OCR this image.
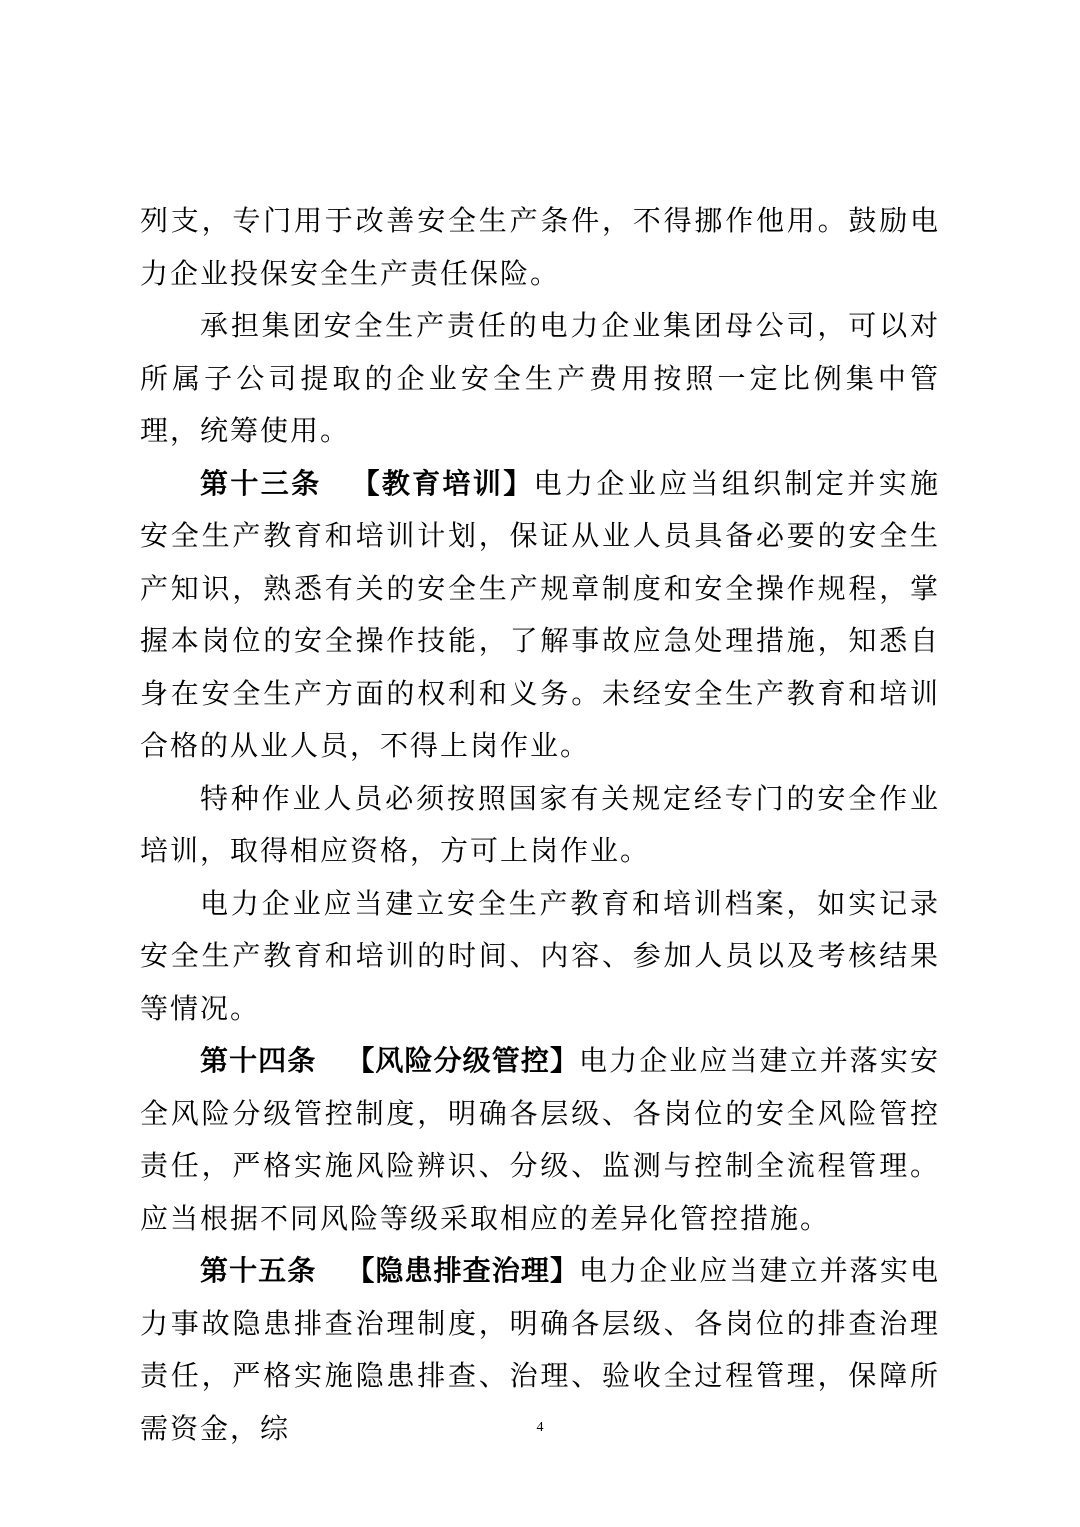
列支，专门用于改善安全生产条件，不得挪作他用。鼓励电力企业投保安全生产责任保险。

承担集团安全生产责任的电力企业集团母公司，可以对所属子公司提取的企业安全生产费用按照一定比例集中管理，统筹使用。

第十三条 【教育培训】电力企业应当组织制定并实施安全生产教育和培训计划，保证从业人员具备必要的安全生产知识，熟悉有关的安全生产规章制度和安全操作规程，掌握本岗位的安全操作技能，了解事故应急处理措施，知悉自身在安全生产方面的权利和义务。未经安全生产教育和培训合格的从业人员，不得上岗作业。

特种作业人员必须按照国家有关规定经专门的安全作业培训，取得相应资格，方可上岗作业。

电力企业应当建立安全生产教育和培训档案，如实记录安全生产教育和培训的时间、内容、参加人员以及考核结果等情况。

第十四条 【风险分级管控】电力企业应当建立并落实安全风险分级管控制度，明确各层级、各岗位的安全风险管控责任，严格实施风险辨识、分级、监测与控制全流程管理。应当根据不同风险等级采取相应的差异化管控措施。

第十五条 【隐患排查治理】电力企业应当建立并落实电力事故隐患排查治理制度，明确各层级、各岗位的排查治理责任，严格实施隐患排查、治理、验收全过程管理，保障所需资金，综	4
